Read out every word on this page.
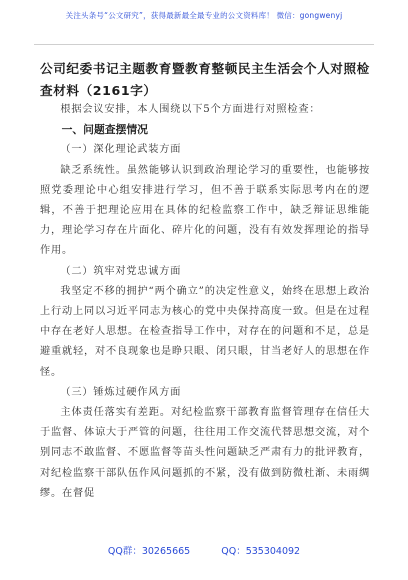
关注头条号“公文研究”，获得最新最全最专业的公文资料库！ 微信：gongwenyj
公司纪委书记主题教育暨教育整顿民主生活会个人对照检查材料（2161字）

根据会议安排，本人围绕以下5个方面进行对照检查：

一、问题查摆情况

（一）深化理论武装方面

缺乏系统性。虽然能够认识到政治理论学习的重要性，也能够按照党委理论中心组安排进行学习，但不善于联系实际思考内在的逻辑，不善于把理论应用在具体的纪检监察工作中，缺乏辩证思维能力，理论学习存在片面化、碎片化的问题，没有有效发挥理论的指导作用。

（二）筑牢对党忠诚方面

我坚定不移的拥护“两个确立”的决定性意义，始终在思想上政治上行动上同以习近平同志为核心的党中央保持高度一致。但是在过程中存在老好人思想。在检查指导工作中，对存在的问题和不足，总是避重就轻，对不良现象也是睁只眼、闭只眼，甘当老好人的思想在作怪。

（三）锤炼过硬作风方面

主体责任落实有差距。对纪检监察干部教育监督管理存在信任大于监督、体谅大于严管的问题，往往用工作交流代替思想交流，对个别同志不敢监督、不愿监督等苗头性问题缺乏严肃有力的批评教育，对纪检监察干部队伍作风问题抓的不紧，没有做到防微杜渐、未雨绸缪。在督促

QQ群：30265665	QQ：535304092
